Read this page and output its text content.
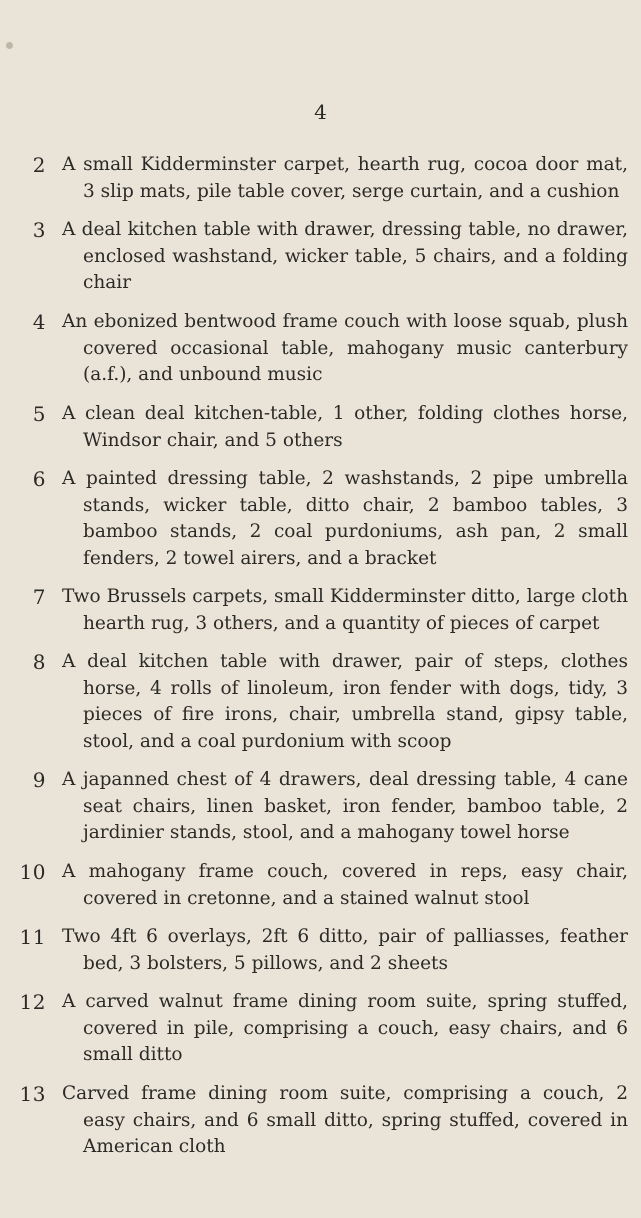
4
2 A small Kidderminster carpet, hearth rug, cocoa door mat, 3 slip mats, pile table cover, serge curtain, and a cushion

3 A deal kitchen table with drawer, dressing table, no drawer, enclosed washstand, wicker table, 5 chairs, and a folding chair

4 An ebonized bentwood frame couch with loose squab, plush covered occasional table, mahogany music canterbury (a.f.), and unbound music

5 A clean deal kitchen-table, 1 other, folding clothes horse, Windsor chair, and 5 others

6 A painted dressing table, 2 washstands, 2 pipe umbrella stands, wicker table, ditto chair, 2 bamboo tables, 3 bamboo stands, 2 coal purdoniums, ash pan, 2 small fenders, 2 towel airers, and a bracket

7 Two Brussels carpets, small Kidderminster ditto, large cloth hearth rug, 3 others, and a quantity of pieces of carpet

8 A deal kitchen table with drawer, pair of steps, clothes horse, 4 rolls of linoleum, iron fender with dogs, tidy, 3 pieces of fire irons, chair, umbrella stand, gipsy table, stool, and a coal purdonium with scoop

9 A japanned chest of 4 drawers, deal dressing table, 4 cane seat chairs, linen basket, iron fender, bamboo table, 2 jardinier stands, stool, and a mahogany towel horse

10 A mahogany frame couch, covered in reps, easy chair, covered in cretonne, and a stained walnut stool

11 Two 4ft 6 overlays, 2ft 6 ditto, pair of palliasses, feather bed, 3 bolsters, 5 pillows, and 2 sheets

12 A carved walnut frame dining room suite, spring stuffed, covered in pile, comprising a couch, easy chairs, and 6 small ditto

13 Carved frame dining room suite, comprising a couch, 2 easy chairs, and 6 small ditto, spring stuffed, covered in American cloth
